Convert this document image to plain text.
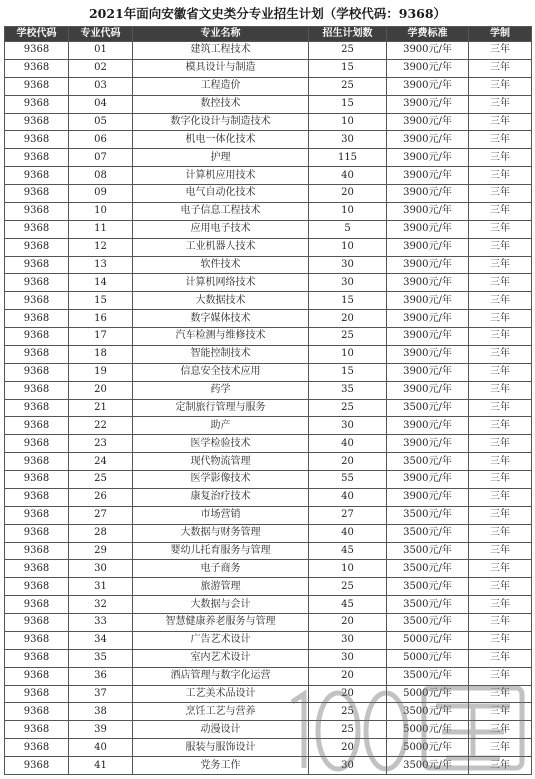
2021年面向安徽省文史类分专业招生计划（学校代码：9368）
学校代码	专业代码	专业名称	招生计划数	学费标准	学制
9368	01	建筑工程技术	25	3900元/年	三年
9368	02	模具设计与制造	15	3900元/年	三年
9368	03	工程造价	25	3900元/年	三年
9368	04	数控技术	15	3900元/年	三年
9368	05	数字化设计与制造技术	10	3900元/年	三年
9368	06	机电一体化技术	30	3900元/年	三年
9368	07	护理	115	3900元/年	三年
9368	08	计算机应用技术	40	3900元/年	三年
9368	09	电气自动化技术	20	3900元/年	三年
9368	10	电子信息工程技术	10	3900元/年	三年
9368	11	应用电子技术	5	3900元/年	三年
9368	12	工业机器人技术	10	3900元/年	三年
9368	13	软件技术	30	3900元/年	三年
9368	14	计算机网络技术	30	3900元/年	三年
9368	15	大数据技术	15	3900元/年	三年
9368	16	数字媒体技术	20	3900元/年	三年
9368	17	汽车检测与维修技术	25	3900元/年	三年
9368	18	智能控制技术	10	3900元/年	三年
9368	19	信息安全技术应用	15	3900元/年	三年
9368	20	药学	35	3900元/年	三年
9368	21	定制旅行管理与服务	25	3500元/年	三年
9368	22	助产	30	3900元/年	三年
9368	23	医学检验技术	40	3900元/年	三年
9368	24	现代物流管理	20	3500元/年	三年
9368	25	医学影像技术	55	3900元/年	三年
9368	26	康复治疗技术	40	3900元/年	三年
9368	27	市场营销	27	3500元/年	三年
9368	28	大数据与财务管理	40	3500元/年	三年
9368	29	婴幼儿托育服务与管理	45	3500元/年	三年
9368	30	电子商务	10	3500元/年	三年
9368	31	旅游管理	25	3500元/年	三年
9368	32	大数据与会计	45	3500元/年	三年
9368	33	智慧健康养老服务与管理	20	3500元/年	三年
9368	34	广告艺术设计	30	5000元/年	三年
9368	35	室内艺术设计	30	5000元/年	三年
9368	36	酒店管理与数字化运营	20	3500元/年	三年
9368	37	工艺美术品设计	20	5000元/年	三年
9368	38	烹饪工艺与营养	25	3500元/年	三年
9368	39	动漫设计	25	5000元/年	三年
9368	40	服装与服饰设计	20	5000元/年	三年
9368	41	党务工作	30	3500元/年	三年
